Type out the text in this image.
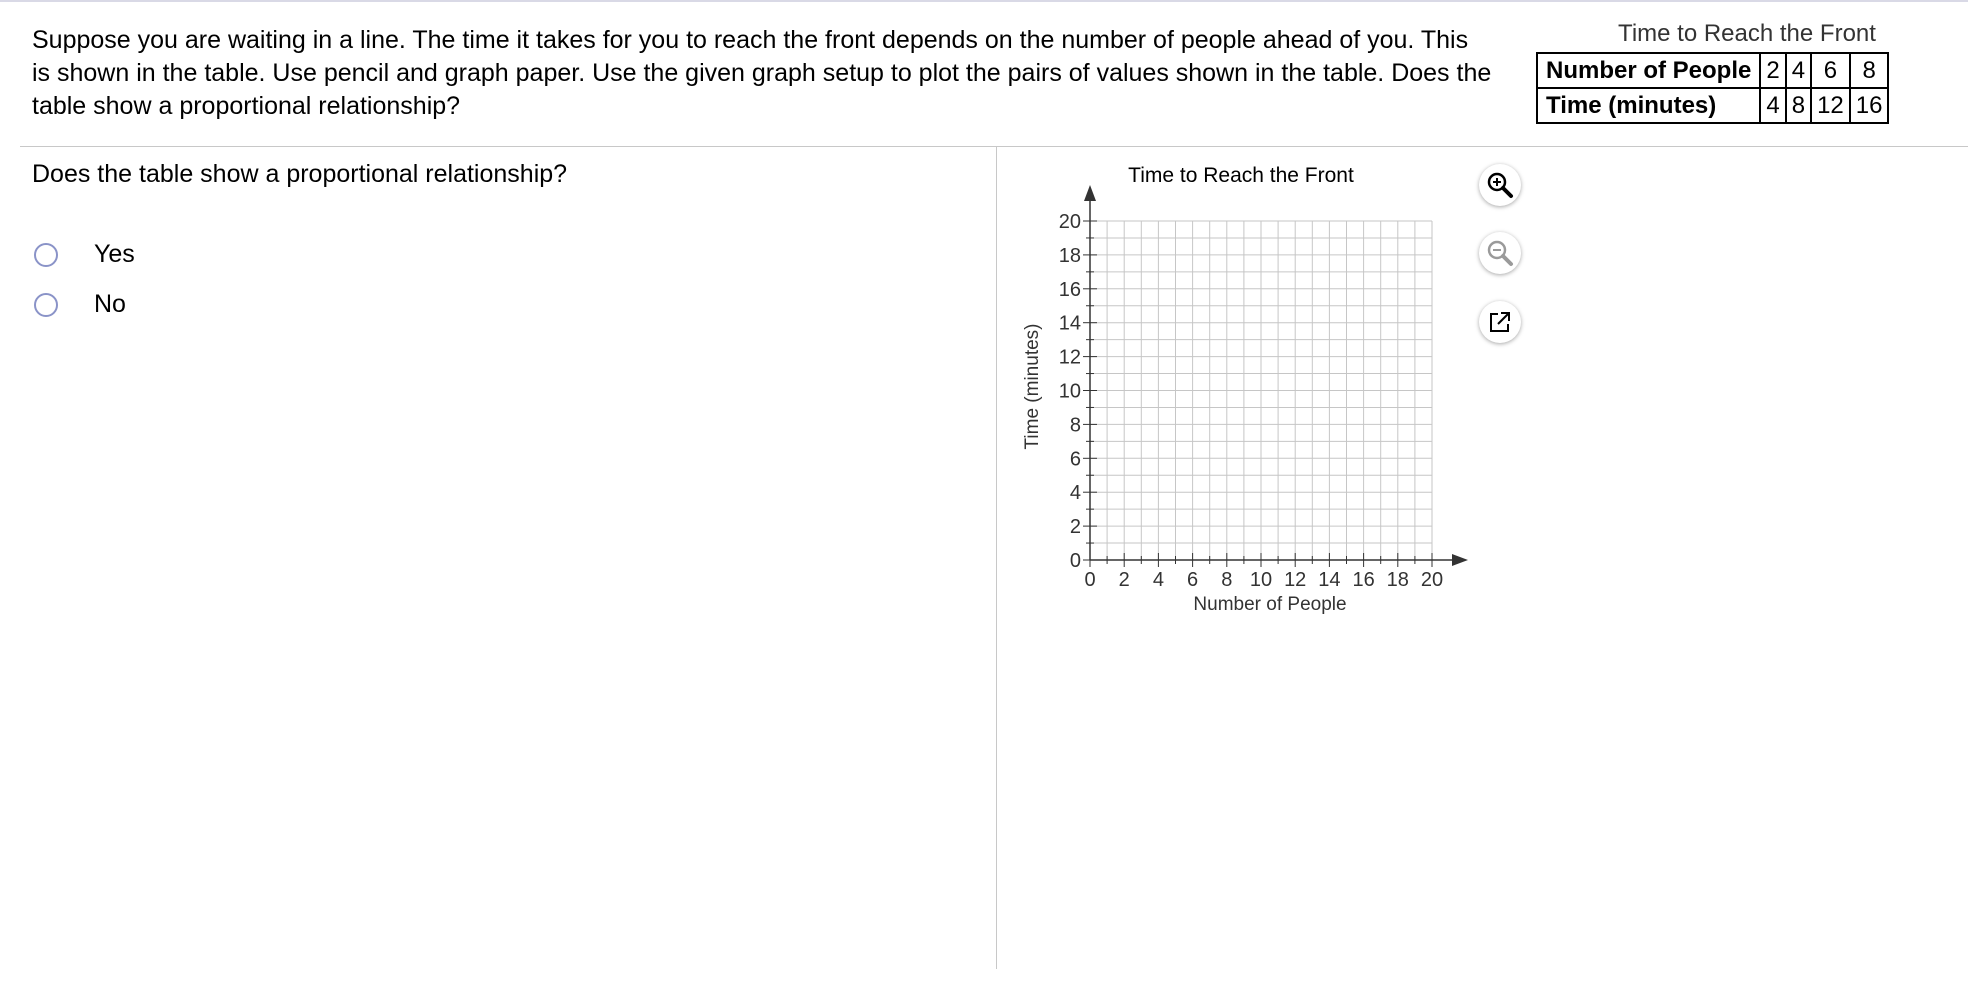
Suppose you are waiting in a line. The time it takes for you to reach the front depends on the number of people ahead of you. This is shown in the table. Use pencil and graph paper. Use the given graph setup to plot the pairs of values shown in the table. Does the table show a proportional relationship?
Time to Reach the Front
Number of People	2	4	6	8
Time (minutes)	4	8	12	16
Does the table show a proportional relationship?
Yes
No
Time to Reach the Front
0 2 4 6 8 10 12 14 16 18 20
0
2
4
6
8
10
12
14
16
18
20
Number of People
Time (minutes)
